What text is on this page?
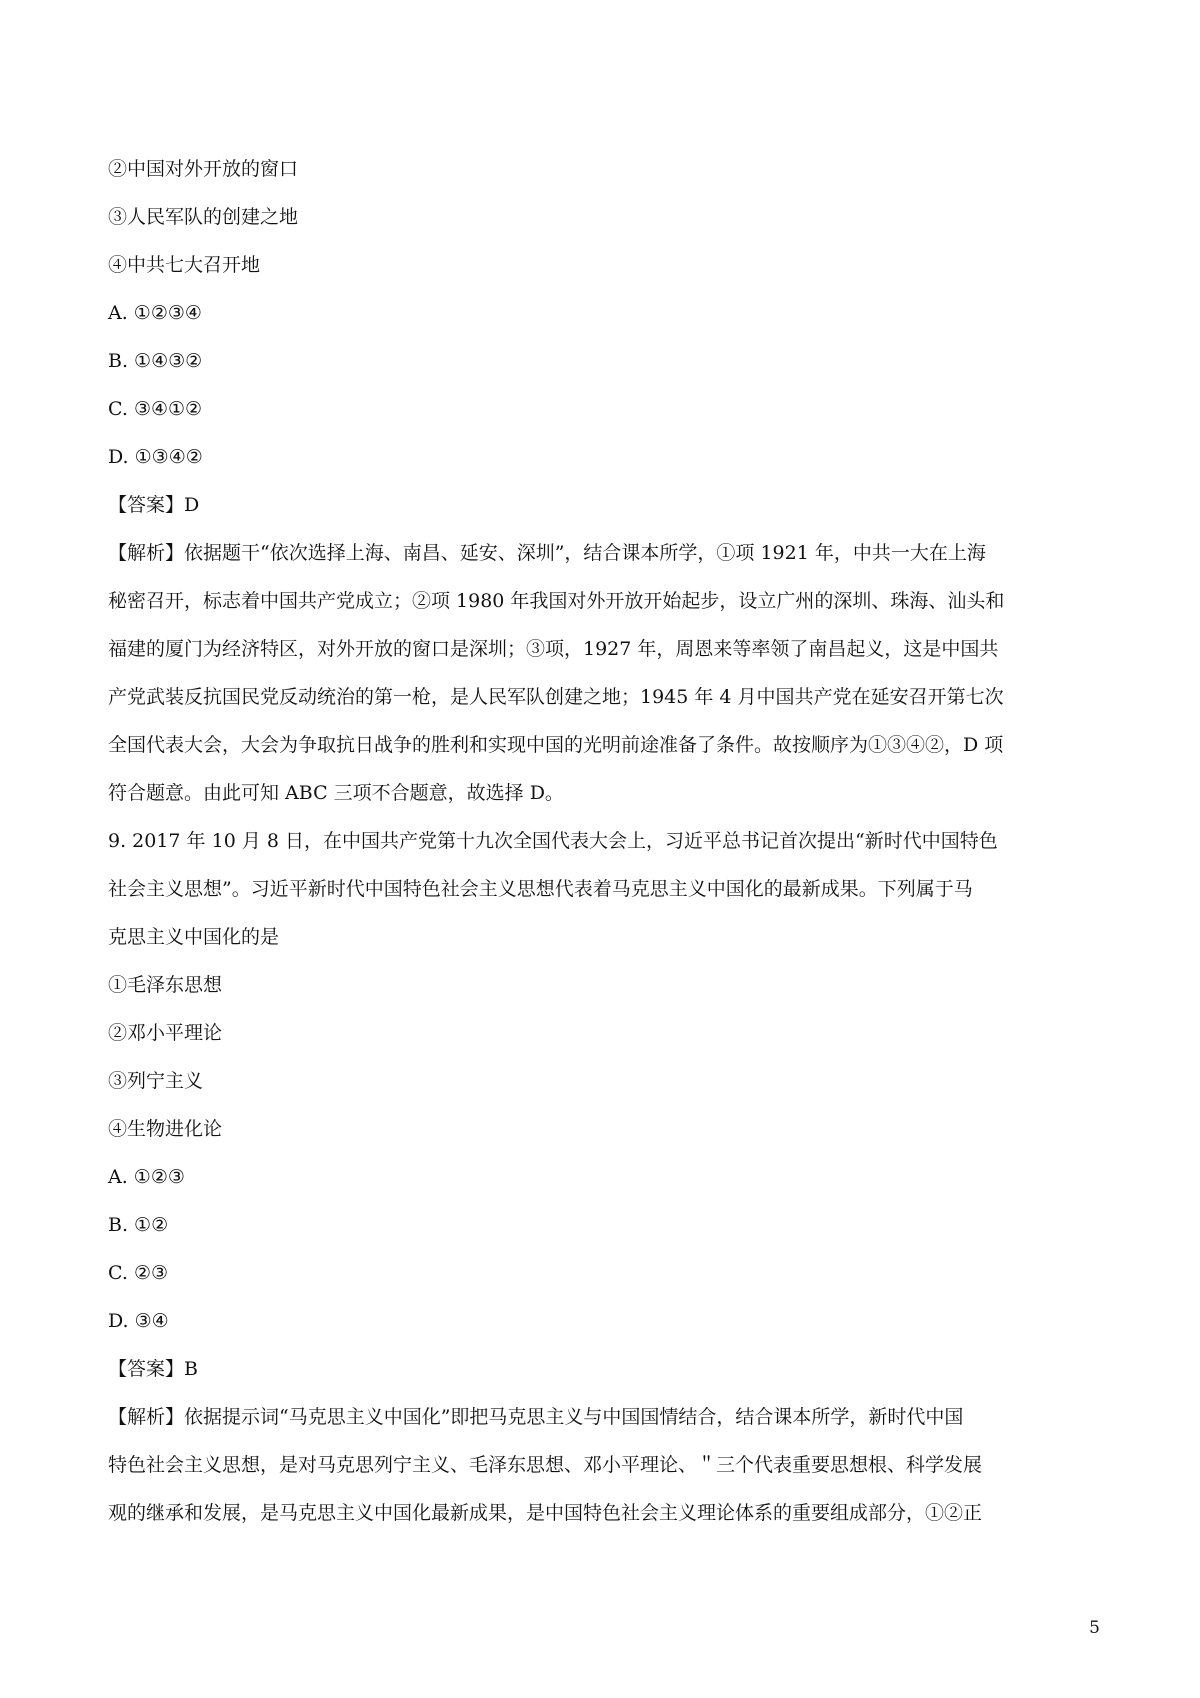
②中国对外开放的窗口
③人民军队的创建之地
④中共七大召开地
A. ①②③④
B. ①④③②
C. ③④①②
D. ①③④②
【答案】D
【解析】依据题干“依次选择上海、南昌、延安、深圳”，结合课本所学，①项 1921 年，中共一大在上海
秘密召开，标志着中国共产党成立；②项 1980 年我国对外开放开始起步，设立广州的深圳、珠海、汕头和
福建的厦门为经济特区，对外开放的窗口是深圳；③项，1927 年，周恩来等率领了南昌起义，这是中国共
产党武装反抗国民党反动统治的第一枪，是人民军队创建之地；1945 年 4 月中国共产党在延安召开第七次
全国代表大会，大会为争取抗日战争的胜利和实现中国的光明前途准备了条件。故按顺序为①③④②，D 项
符合题意。由此可知 ABC 三项不合题意，故选择 D。
9. 2017 年 10 月 8 日，在中国共产党第十九次全国代表大会上，习近平总书记首次提出“新时代中国特色
社会主义思想”。习近平新时代中国特色社会主义思想代表着马克思主义中国化的最新成果。下列属于马
克思主义中国化的是
①毛泽东思想
②邓小平理论
③列宁主义
④生物进化论
A. ①②③
B. ①②
C. ②③
D. ③④
【答案】B
【解析】依据提示词“马克思主义中国化”即把马克思主义与中国国情结合，结合课本所学，新时代中国
特色社会主义思想，是对马克思列宁主义、毛泽东思想、邓小平理论、＂三个代表重要思想根、科学发展
观的继承和发展，是马克思主义中国化最新成果，是中国特色社会主义理论体系的重要组成部分，①②正
5
